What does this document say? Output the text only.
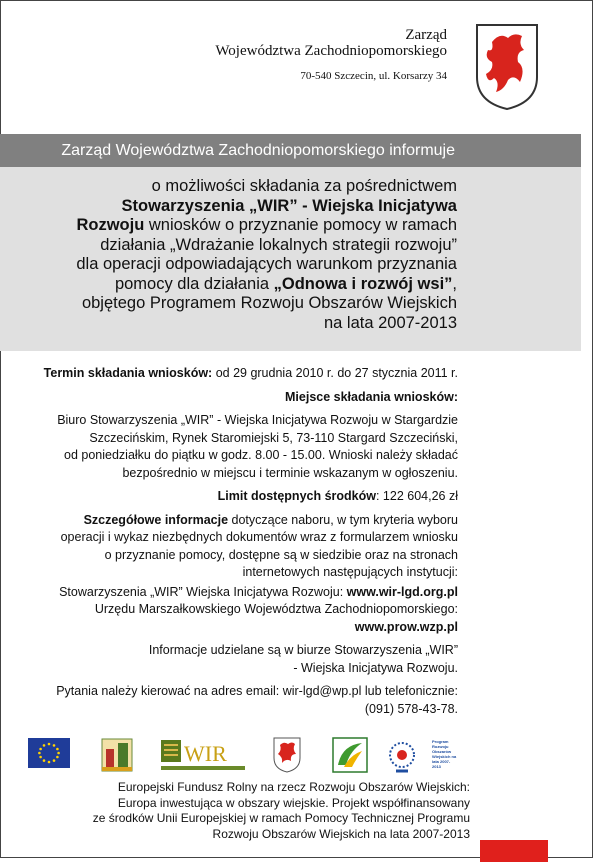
Zarząd
Województwa Zachodniopomorskiego
70-540 Szczecin, ul. Korsarzy 34
Zarząd Województwa Zachodniopomorskiego informuje

o możliwości składania za pośrednictwem
Stowarzyszenia „WIR” - Wiejska Inicjatywa
Rozwoju wniosków o przyznanie pomocy w ramach
działania „Wdrażanie lokalnych strategii rozwoju”
dla operacji odpowiadających warunkom przyznania
pomocy dla działania „Odnowa i rozwój wsi”,
objętego Programem Rozwoju Obszarów Wiejskich
na lata 2007-2013

Termin składania wniosków: od 29 grudnia 2010 r. do 27 stycznia 2011 r.

Miejsce składania wniosków:

Biuro Stowarzyszenia „WIR” - Wiejska Inicjatywa Rozwoju w Stargardzie
Szczecińskim, Rynek Staromiejski 5, 73-110 Stargard Szczeciński,
od poniedziałku do piątku w godz. 8.00 - 15.00. Wnioski należy składać
bezpośrednio w miejscu i terminie wskazanym w ogłoszeniu.

Limit dostępnych środków: 122 604,26 zł

Szczegółowe informacje dotyczące naboru, w tym kryteria wyboru
operacji i wykaz niezbędnych dokumentów wraz z formularzem wniosku
o przyznanie pomocy, dostępne są w siedzibie oraz na stronach
internetowych następujących instytucji:

Stowarzyszenia „WIR” Wiejska Inicjatywa Rozwoju: www.wir-lgd.org.pl
Urzędu Marszałkowskiego Województwa Zachodniopomorskiego:
www.prow.wzp.pl

Informacje udzielane są w biurze Stowarzyszenia „WIR”
- Wiejska Inicjatywa Rozwoju.

Pytania należy kierować na adres email: wir-lgd@wp.pl lub telefonicznie:
(091) 578-43-78.

WIR	Program Rozwoju Obszarów Wiejskich na lata 2007-2013
Europejski Fundusz Rolny na rzecz Rozwoju Obszarów Wiejskich:
Europa inwestująca w obszary wiejskie. Projekt współfinansowany
ze środków Unii Europejskiej w ramach Pomocy Technicznej Programu
Rozwoju Obszarów Wiejskich na lata 2007-2013
